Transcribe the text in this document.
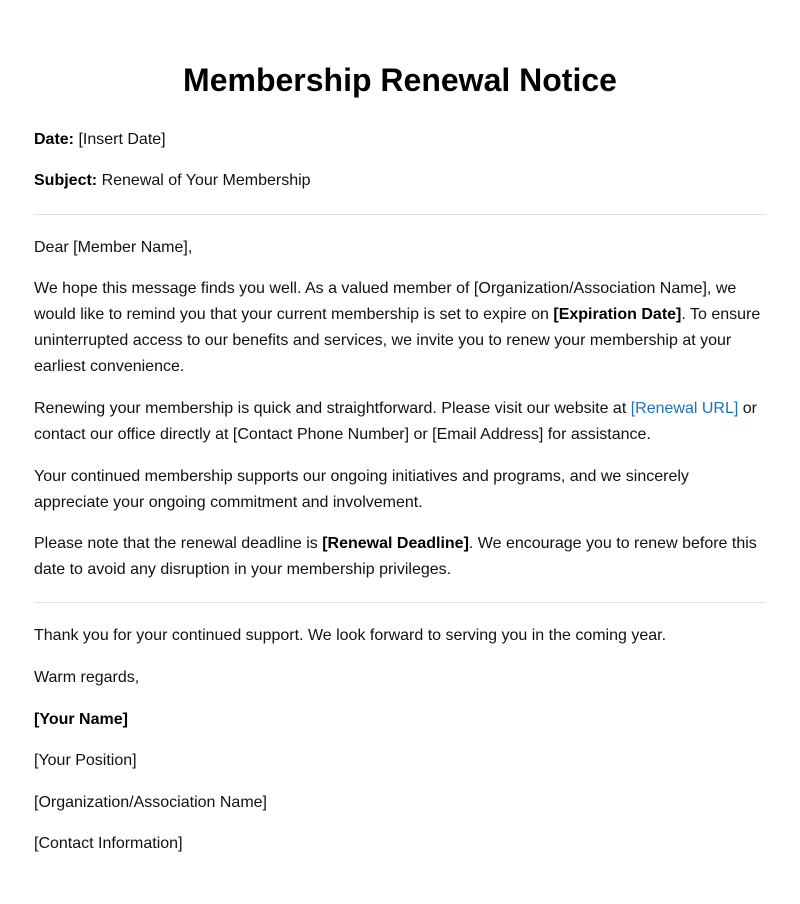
Membership Renewal Notice

Date: [Insert Date]

Subject: Renewal of Your Membership

Dear [Member Name],

We hope this message finds you well. As a valued member of [Organization/Association Name], we would like to remind you that your current membership is set to expire on [Expiration Date]. To ensure uninterrupted access to our benefits and services, we invite you to renew your membership at your earliest convenience.

Renewing your membership is quick and straightforward. Please visit our website at [Renewal URL] or contact our office directly at [Contact Phone Number] or [Email Address] for assistance.

Your continued membership supports our ongoing initiatives and programs, and we sincerely appreciate your ongoing commitment and involvement.

Please note that the renewal deadline is [Renewal Deadline]. We encourage you to renew before this date to avoid any disruption in your membership privileges.

Thank you for your continued support. We look forward to serving you in the coming year.

Warm regards,

[Your Name]

[Your Position]

[Organization/Association Name]

[Contact Information]
